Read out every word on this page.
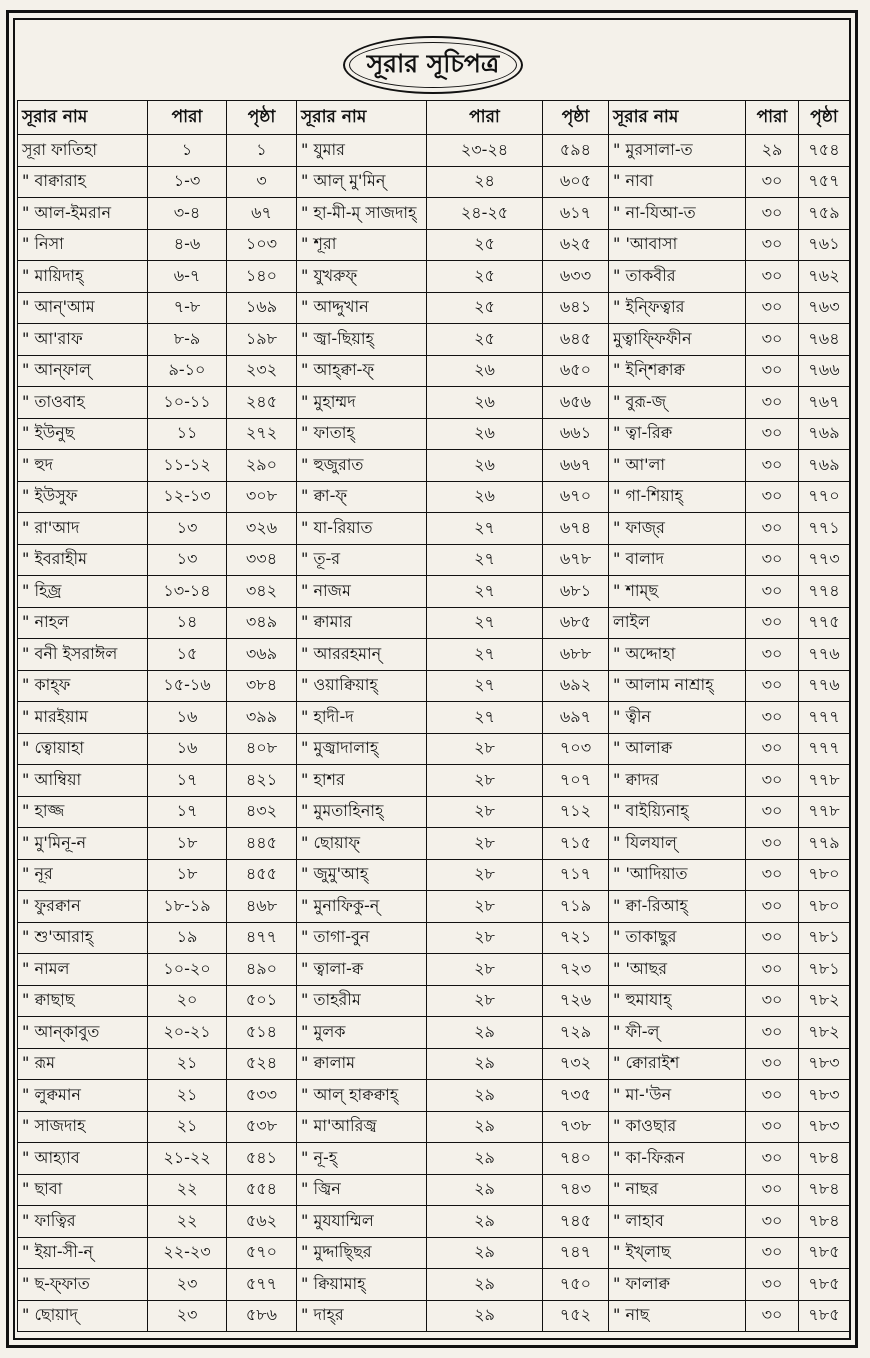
সূরার সূচিপত্র
সূরার নাম	পারা	পৃষ্ঠা
সূরা ফাতিহা	১	১
" বাক্বারাহ	১-৩	৩
" আল-ইমরান	৩-৪	৬৭
" নিসা	৪-৬	১০৩
" মায়িদাহ্	৬-৭	১৪০
" আন্'আম	৭-৮	১৬৯
" আ'রাফ	৮-৯	১৯৮
" আন্ফাল্	৯-১০	২৩২
" তাওবাহ	১০-১১	২৪৫
" ইউনুছ	১১	২৭২
" হুদ	১১-১২	২৯০
" ইউসুফ	১২-১৩	৩০৮
" রা'আদ	১৩	৩২৬
" ইবরাহীম	১৩	৩৩৪
" হিজ্র	১৩-১৪	৩৪২
" নাহল	১৪	৩৪৯
" বনী ইসরাঈল	১৫	৩৬৯
" কাহ্ফ	১৫-১৬	৩৮৪
" মারইয়াম	১৬	৩৯৯
" ত্বোয়াহা	১৬	৪০৮
" আম্বিয়া	১৭	৪২১
" হাজ্জ	১৭	৪৩২
" মু'মিনূ-ন	১৮	৪৪৫
" নূর	১৮	৪৫৫
" ফুরক্বান	১৮-১৯	৪৬৮
" শু'আরাহ্	১৯	৪৭৭
" নামল	১০-২০	৪৯০
" ক্বাছাছ	২০	৫০১
" আন্কাবুত	২০-২১	৫১৪
" রূম	২১	৫২৪
" লুক্বমান	২১	৫৩৩
" সাজদাহ	২১	৫৩৮
" আহ্যাব	২১-২২	৫৪১
" ছাবা	২২	৫৫৪
" ফাত্বির	২২	৫৬২
" ইয়া-সী-ন্	২২-২৩	৫৭০
" ছ-ফ্ফাত	২৩	৫৭৭
" ছোয়াদ্	২৩	৫৮৬
সূরার নাম	পারা	পৃষ্ঠা
" যুমার	২৩-২৪	৫৯৪
" আল্ মু'মিন্	২৪	৬০৫
" হা-মী-ম্ সাজদাহ্	২৪-২৫	৬১৭
" শূরা	২৫	৬২৫
" যুখরুফ্	২৫	৬৩৩
" আদ্দুখান	২৫	৬৪১
" জ্বা-ছিয়াহ্	২৫	৬৪৫
" আহ্ক্বা-ফ্	২৬	৬৫০
" মুহাম্মদ	২৬	৬৫৬
" ফাতাহ্	২৬	৬৬১
" হুজুরাত	২৬	৬৬৭
" ক্বা-ফ্	২৬	৬৭০
" যা-রিয়াত	২৭	৬৭৪
" তূ-র	২৭	৬৭৮
" নাজম	২৭	৬৮১
" ক্বামার	২৭	৬৮৫
" আররহমান্	২৭	৬৮৮
" ওয়াক্বিয়াহ্	২৭	৬৯২
" হাদী-দ	২৭	৬৯৭
" মুজ্বাদালাহ্	২৮	৭০৩
" হাশর	২৮	৭০৭
" মুমতাহিনাহ্	২৮	৭১২
" ছোয়াফ্	২৮	৭১৫
" জুমু'আহ্	২৮	৭১৭
" মুনাফিকু-ন্	২৮	৭১৯
" তাগা-বুন	২৮	৭২১
" ত্বালা-ক্ব	২৮	৭২৩
" তাহরীম	২৮	৭২৬
" মুলক	২৯	৭২৯
" ক্বালাম	২৯	৭৩২
" আল্ হাক্বক্বাহ্	২৯	৭৩৫
" মা'আরিজ্ব	২৯	৭৩৮
" নূ-হ্	২৯	৭৪০
" জ্বিন	২৯	৭৪৩
" মুযযাম্মিল	২৯	৭৪৫
" মুদ্দাছ্ছির	২৯	৭৪৭
" ক্বিয়ামাহ্	২৯	৭৫০
" দাহ্‌র	২৯	৭৫২
সূরার নাম	পারা	পৃষ্ঠা
" মুরসালা-ত	২৯	৭৫৪
" নাবা	৩০	৭৫৭
" না-যিআ-ত	৩০	৭৫৯
" 'আবাসা	৩০	৭৬১
" তাকবীর	৩০	৭৬২
" ইন্ফিত্বার	৩০	৭৬৩
মুত্বাফ্ফিফীন	৩০	৭৬৪
" ইন্শিক্বাক্ব	৩০	৭৬৬
" বুরূ-জ্	৩০	৭৬৭
" ত্বা-রিক্ব	৩০	৭৬৯
" আ'লা	৩০	৭৬৯
" গা-শিয়াহ্	৩০	৭৭০
" ফাজ্‌র	৩০	৭৭১
" বালাদ	৩০	৭৭৩
" শাম্ছ	৩০	৭৭৪
লাইল	৩০	৭৭৫
" অদ্দোহা	৩০	৭৭৬
" আলাম নাশ্রাহ্	৩০	৭৭৬
" ত্বীন	৩০	৭৭৭
" আলাক্ব	৩০	৭৭৭
" ক্বাদর	৩০	৭৭৮
" বাইয়্যিনাহ্	৩০	৭৭৮
" যিলযাল্	৩০	৭৭৯
" 'আদিয়াত	৩০	৭৮০
" ক্বা-রিআহ্	৩০	৭৮০
" তাকাছুর	৩০	৭৮১
" 'আছর	৩০	৭৮১
" হুমাযাহ্	৩০	৭৮২
" ফী-ল্	৩০	৭৮২
" ক্বোরাইশ	৩০	৭৮৩
" মা-'উন	৩০	৭৮৩
" কাওছার	৩০	৭৮৩
" কা-ফিরূন	৩০	৭৮৪
" নাছর	৩০	৭৮৪
" লাহাব	৩০	৭৮৪
" ইখ্লাছ	৩০	৭৮৫
" ফালাক্ব	৩০	৭৮৫
" নাছ	৩০	৭৮৫
